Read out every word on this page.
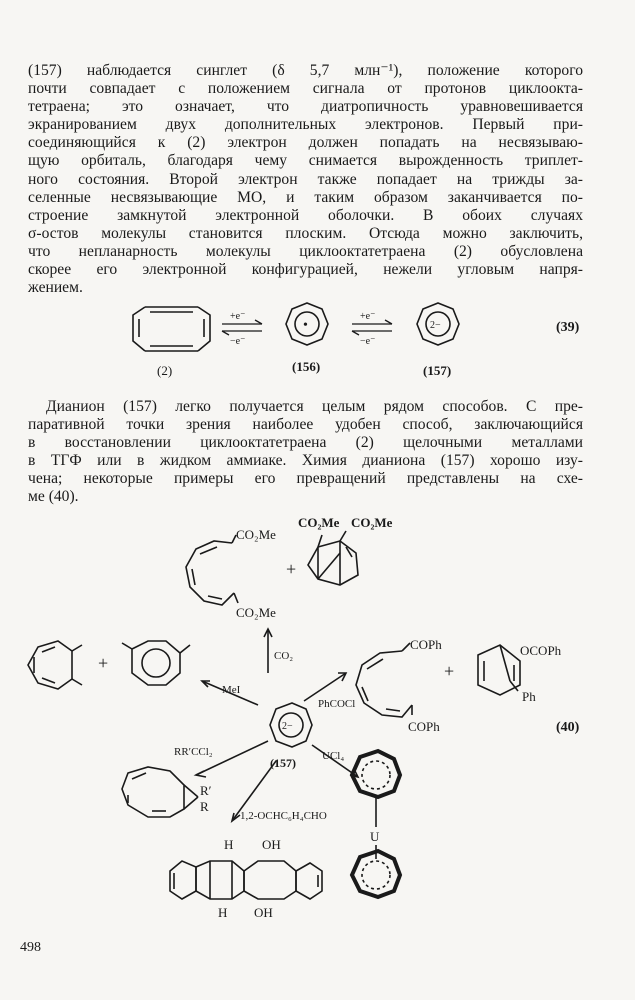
(157) наблюдается синглет (δ 5,7 млн⁻¹), положение которого
почти совпадает с положением сигнала от протонов циклоокта-
тетраена; это означает, что диатропичность уравновешивается
экранированием двух дополнительных электронов. Первый при-
соединяющийся к (2) электрон должен попадать на несвязываю-
щую орбиталь, благодаря чему снимается вырожденность триплет-
ного состояния. Второй электрон также попадает на трижды за-
селенные несвязывающие МО, и таким образом заканчивается по-
строение замкнутой электронной оболочки. В обоих случаях
σ-остов молекулы становится плоским. Отсюда можно заключить,
что непланарность молекулы циклооктатетраена (2) обусловлена
скорее его электронной конфигурацией, нежели угловым напря-
жением.
(2)
+e⁻
−e⁻
•
(156)
+e⁻
−e⁻
2−
(157)
(39)
Дианион (157) легко получается целым рядом способов. С пре-
паративной точки зрения наиболее удобен способ, заключающийся
в восстановлении циклооктатетраена (2) щелочными металлами
в ТГФ или в жидком аммиаке. Химия дианиона (157) хорошо изу-
чена; некоторые примеры его превращений представлены на схе-
ме (40).
CO₂Me
CO₂Me
+
CO₂Me CO₂Me
+	CO₂
MeI
PhCOCl
COPh
COPh
+
OCOPh
Ph
(40)
2−
(157)
RR′CCl₂	UCl₄
R′
R
1,2-OCHC₆H₄CHO
U
H OH
H OH
498
